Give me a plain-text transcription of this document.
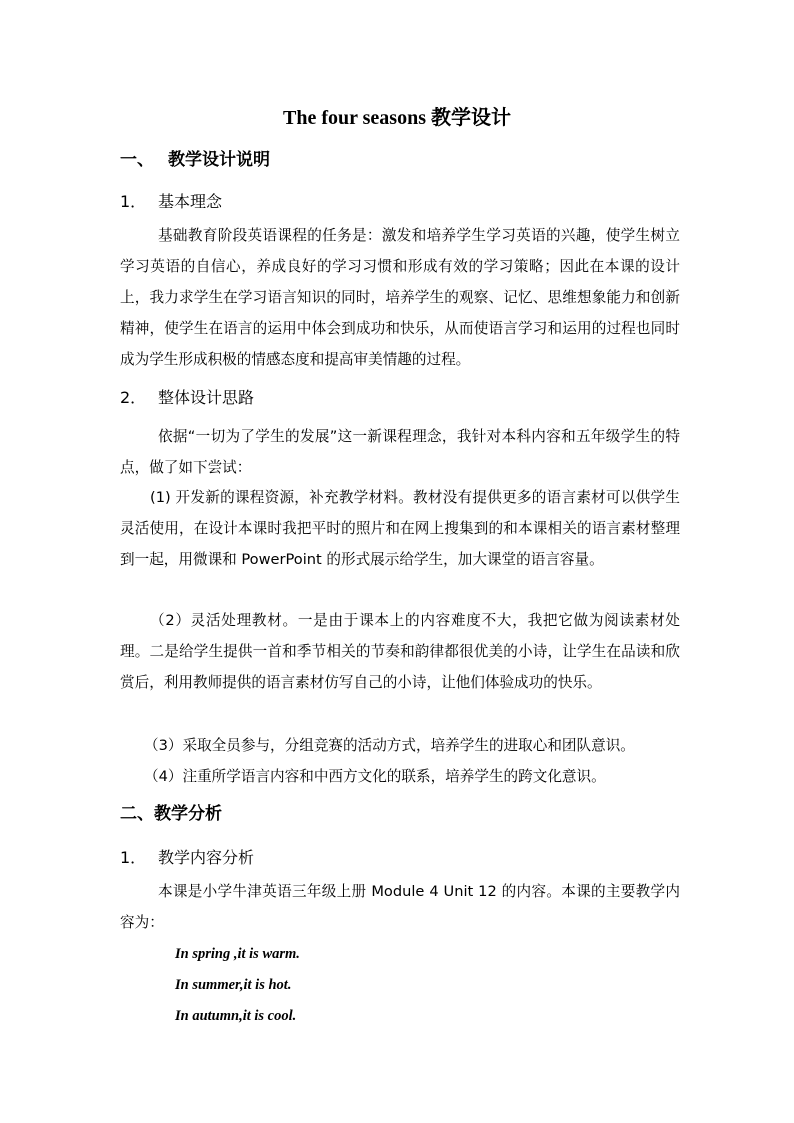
The four seasons 教学设计
一、 教学设计说明
1． 基本理念
基础教育阶段英语课程的任务是：激发和培养学生学习英语的兴趣，使学生树立学习英语的自信心，养成良好的学习习惯和形成有效的学习策略；因此在本课的设计上，我力求学生在学习语言知识的同时，培养学生的观察、记忆、思维想象能力和创新精神，使学生在语言的运用中体会到成功和快乐，从而使语言学习和运用的过程也同时成为学生形成积极的情感态度和提高审美情趣的过程。
2． 整体设计思路
依据“一切为了学生的发展”这一新课程理念，我针对本科内容和五年级学生的特点，做了如下尝试：
(1) 开发新的课程资源，补充教学材料。教材没有提供更多的语言素材可以供学生灵活使用，在设计本课时我把平时的照片和在网上搜集到的和本课相关的语言素材整理到一起，用微课和 PowerPoint 的形式展示给学生，加大课堂的语言容量。
（2）灵活处理教材。一是由于课本上的内容难度不大，我把它做为阅读素材处理。二是给学生提供一首和季节相关的节奏和韵律都很优美的小诗，让学生在品读和欣赏后，利用教师提供的语言素材仿写自己的小诗，让他们体验成功的快乐。
（3）采取全员参与，分组竞赛的活动方式，培养学生的进取心和团队意识。
（4）注重所学语言内容和中西方文化的联系，培养学生的跨文化意识。
二、教学分析
1． 教学内容分析
本课是小学牛津英语三年级上册 Module 4 Unit 12 的内容。本课的主要教学内容为：
In spring ,it is warm.
In summer,it is hot.
In autumn,it is cool.
